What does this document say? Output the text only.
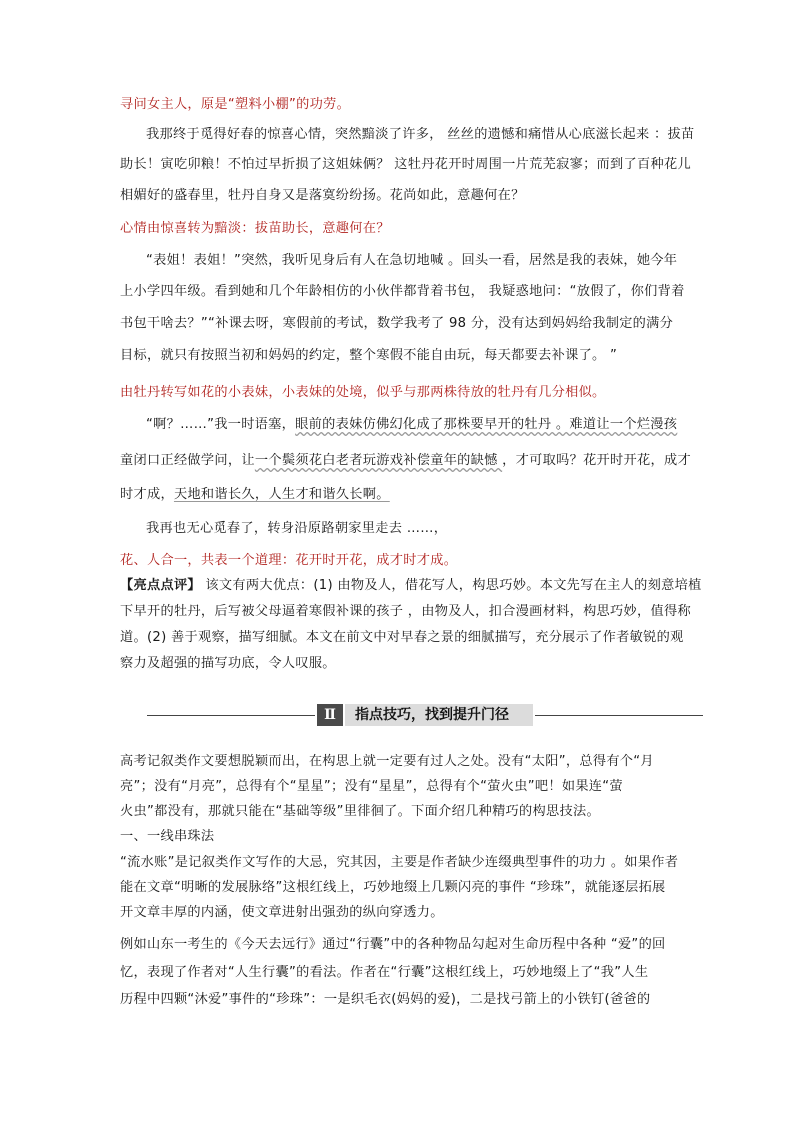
寻问女主人，原是“塑料小棚”的功劳。
我那终于觅得好春的惊喜心情，突然黯淡了许多， 丝丝的遗憾和痛惜从心底滋长起来 ：拔苗
助长！寅吃卯粮！不怕过早折损了这姐妹俩？ 这牡丹花开时周围一片荒芜寂寥；而到了百种花儿
相媚好的盛春里，牡丹自身又是落寞纷纷扬。花尚如此，意趣何在？
心情由惊喜转为黯淡：拔苗助长，意趣何在？
“表姐！表姐！”突然，我听见身后有人在急切地喊 。回头一看，居然是我的表妹，她今年
上小学四年级。看到她和几个年龄相仿的小伙伴都背着书包， 我疑惑地问：“放假了，你们背着
书包干啥去？”“补课去呀，寒假前的考试，数学我考了 98 分，没有达到妈妈给我制定的满分
目标，就只有按照当初和妈妈的约定，整个寒假不能自由玩，每天都要去补课了。 ”
由牡丹转写如花的小表妹，小表妹的处境，似乎与那两株待放的牡丹有几分相似。
“啊？……”我一时语塞，眼前的表妹仿佛幻化成了那株要早开的牡丹 。难道让一个烂漫孩
童闭口正经做学问，让一个鬓须花白老者玩游戏补偿童年的缺憾 ，才可取吗？花开时开花，成才
时才成，天地和谐长久，人生才和谐久长啊。
我再也无心觅春了，转身沿原路朝家里走去 ……，
花、人合一，共表一个道理：花开时开花，成才时才成。
【亮点点评】 该文有两大优点：(1) 由物及人，借花写人，构思巧妙。本文先写在主人的刻意培植
下早开的牡丹，后写被父母逼着寒假补课的孩子 ，由物及人，扣合漫画材料，构思巧妙，值得称
道。(2) 善于观察，描写细腻。本文在前文中对早春之景的细腻描写，充分展示了作者敏锐的观
察力及超强的描写功底，令人叹服。
Ⅱ	指点技巧，找到提升门径
高考记叙类作文要想脱颖而出，在构思上就一定要有过人之处。没有“太阳”，总得有个“月
亮”；没有“月亮”，总得有个“星星”；没有“星星”，总得有个“萤火虫”吧！如果连“萤
火虫”都没有，那就只能在“基础等级”里徘徊了。下面介绍几种精巧的构思技法。
一、一线串珠法
“流水账”是记叙类作文写作的大忌，究其因，主要是作者缺少连缀典型事件的功力 。如果作者
能在文章“明晰的发展脉络”这根红线上，巧妙地缀上几颗闪亮的事件 “珍珠”，就能逐层拓展
开文章丰厚的内涵，使文章进射出强劲的纵向穿透力。
例如山东一考生的《今天去远行》通过“行囊”中的各种物品勾起对生命历程中各种 “爱”的回
忆，表现了作者对“人生行囊”的看法。作者在“行囊”这根红线上，巧妙地缀上了“我”人生
历程中四颗“沐爱”事件的“珍珠”：一是织毛衣(妈妈的爱)，二是找弓箭上的小铁钉(爸爸的
